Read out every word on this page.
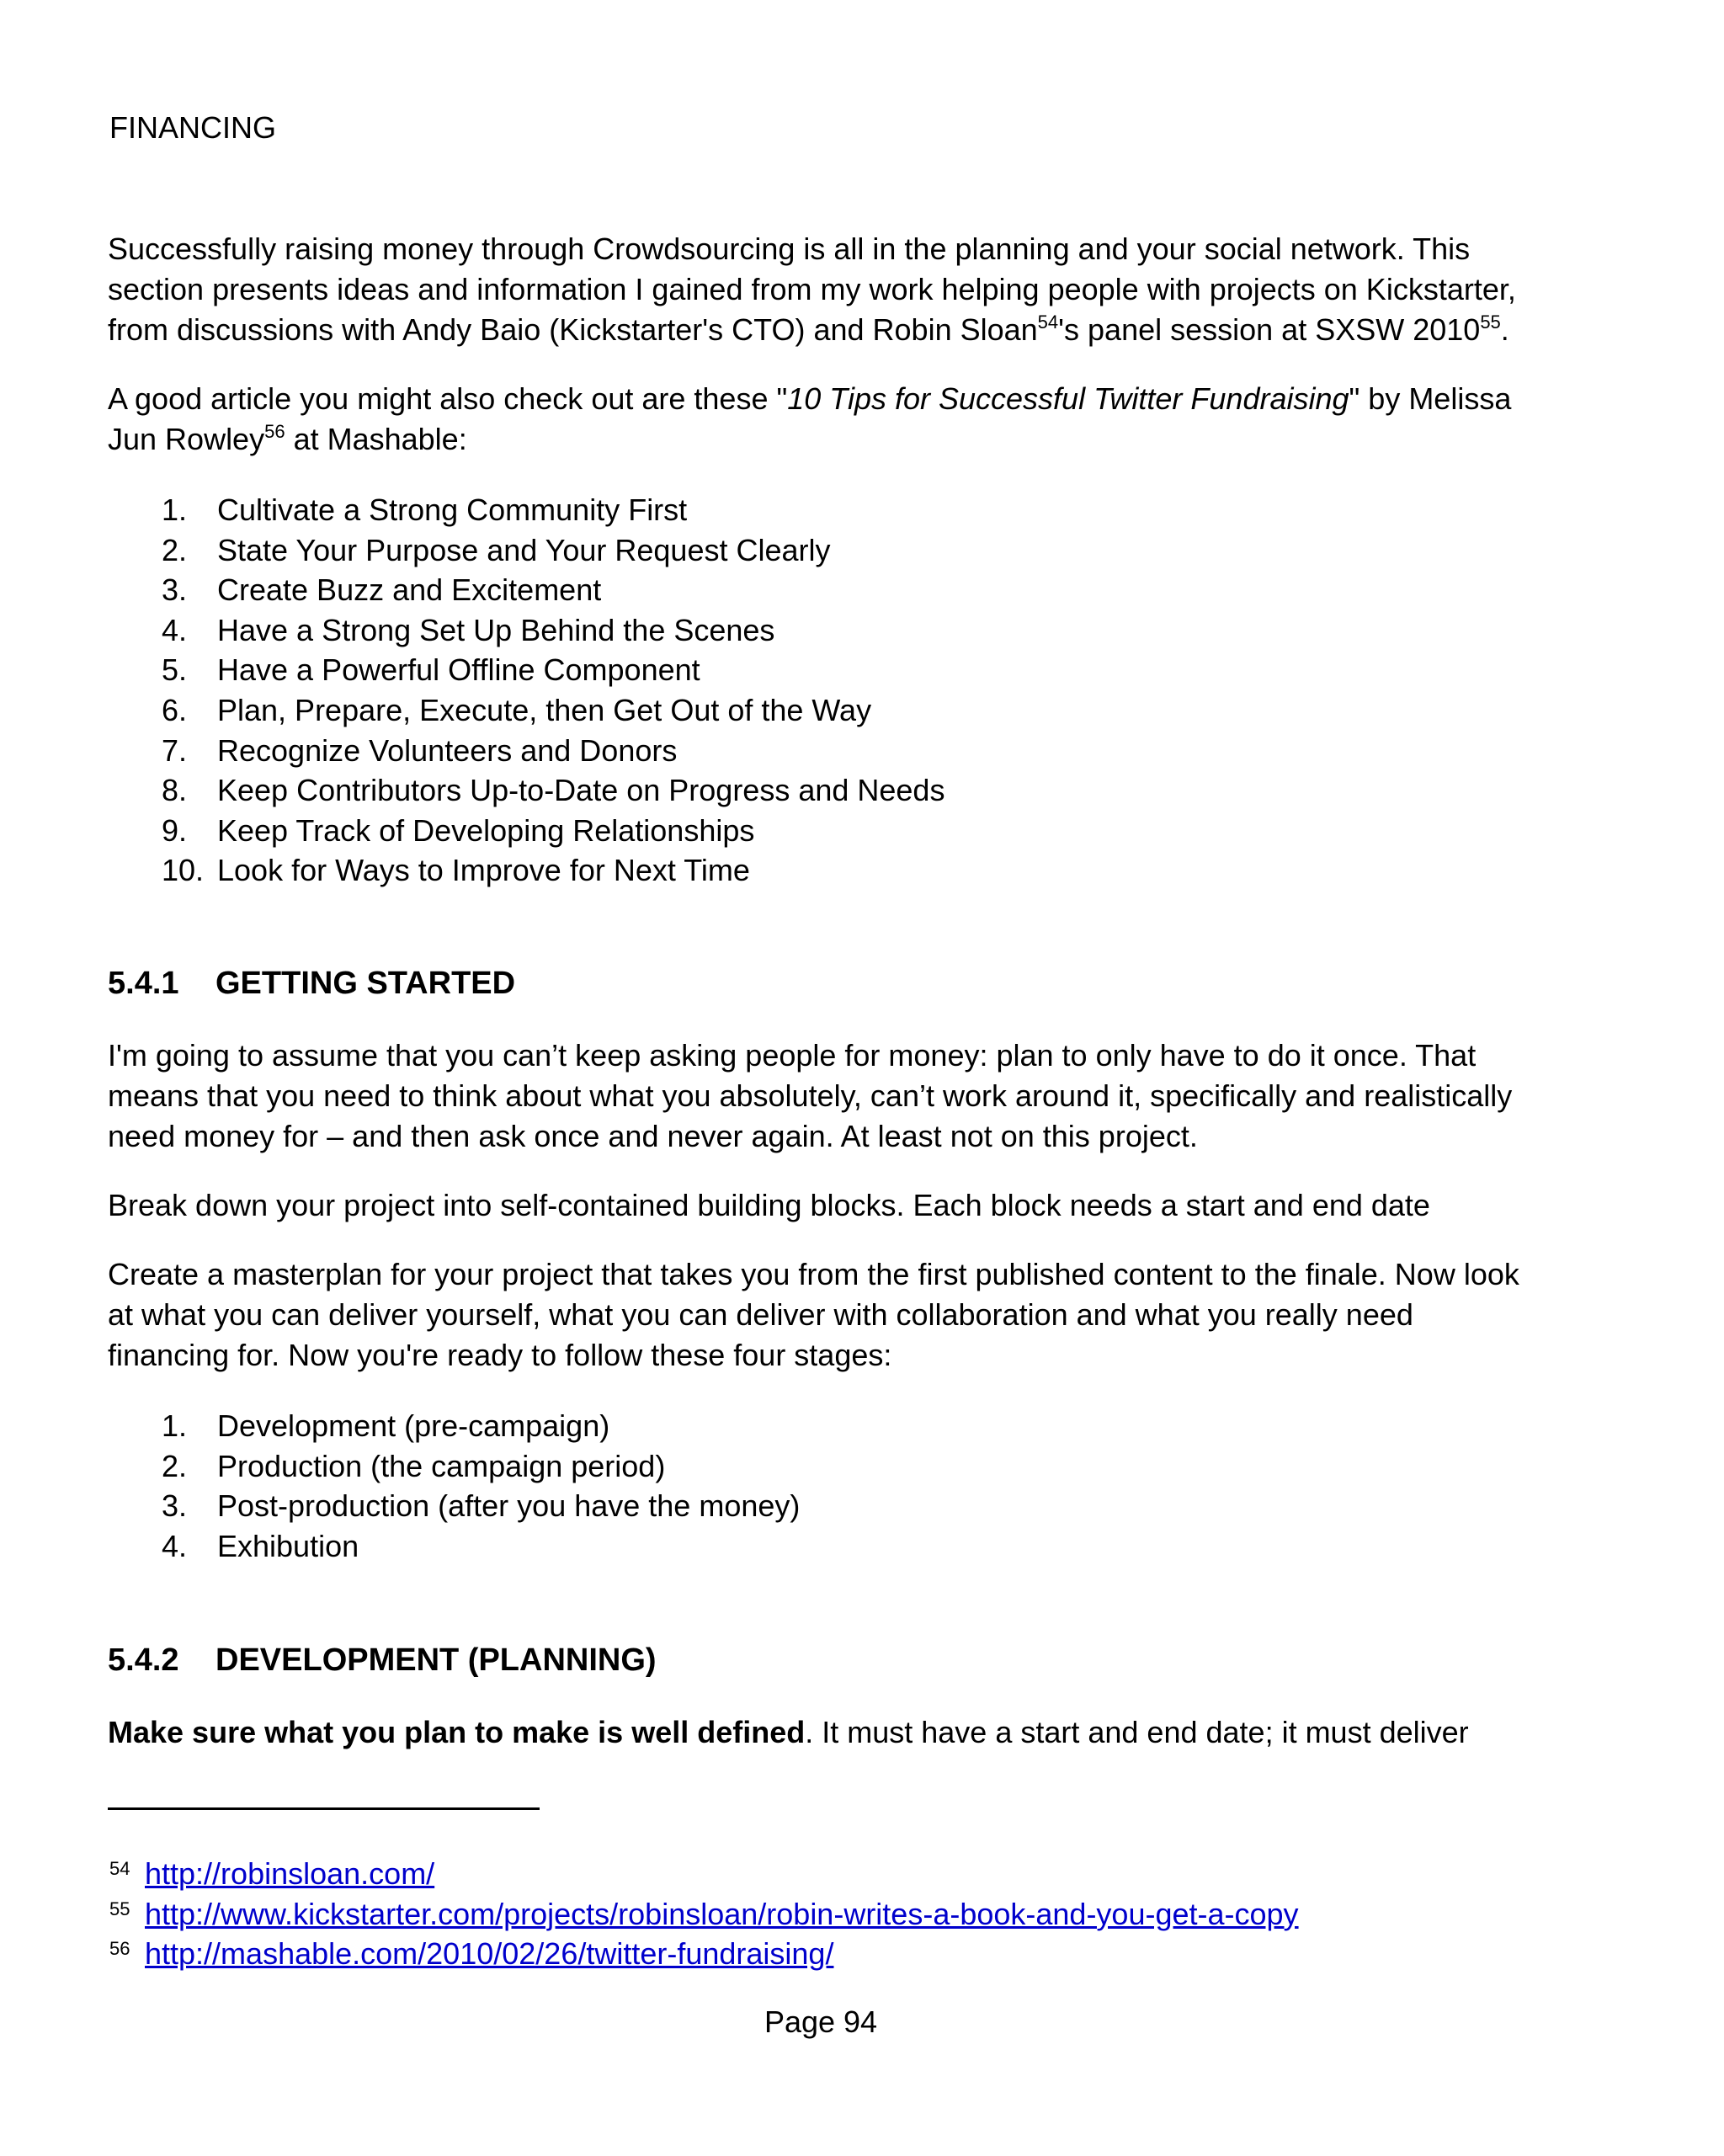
FINANCING

Successfully raising money through Crowdsourcing is all in the planning and your social network. This section presents ideas and information I gained from my work helping people with projects on Kickstarter, from discussions with Andy Baio (Kickstarter's CTO) and Robin Sloan$^{54}$'s panel session at SXSW 2010$^{55}$.

A good article you might also check out are these "10 Tips for Successful Twitter Fundraising" by Melissa Jun Rowley$^{56}$ at Mashable:

1. Cultivate a Strong Community First
2. State Your Purpose and Your Request Clearly
3. Create Buzz and Excitement
4. Have a Strong Set Up Behind the Scenes
5. Have a Powerful Offline Component
6. Plan, Prepare, Execute, then Get Out of the Way
7. Recognize Volunteers and Donors
8. Keep Contributors Up-to-Date on Progress and Needs
9. Keep Track of Developing Relationships
10. Look for Ways to Improve for Next Time
5.4.1 GETTING STARTED

I'm going to assume that you can’t keep asking people for money: plan to only have to do it once. That means that you need to think about what you absolutely, can’t work around it, specifically and realistically need money for – and then ask once and never again. At least not on this project.

Break down your project into self-contained building blocks. Each block needs a start and end date

Create a masterplan for your project that takes you from the first published content to the finale. Now look at what you can deliver yourself, what you can deliver with collaboration and what you really need financing for. Now you're ready to follow these four stages:

1. Development (pre-campaign)
2. Production (the campaign period)
3. Post-production (after you have the money)
4. Exhibution
5.4.2 DEVELOPMENT (PLANNING)

Make sure what you plan to make is well defined. It must have a start and end date; it must deliver

54 http://robinsloan.com/
55 http://www.kickstarter.com/projects/robinsloan/robin-writes-a-book-and-you-get-a-copy
56 http://mashable.com/2010/02/26/twitter-fundraising/
Page 94
